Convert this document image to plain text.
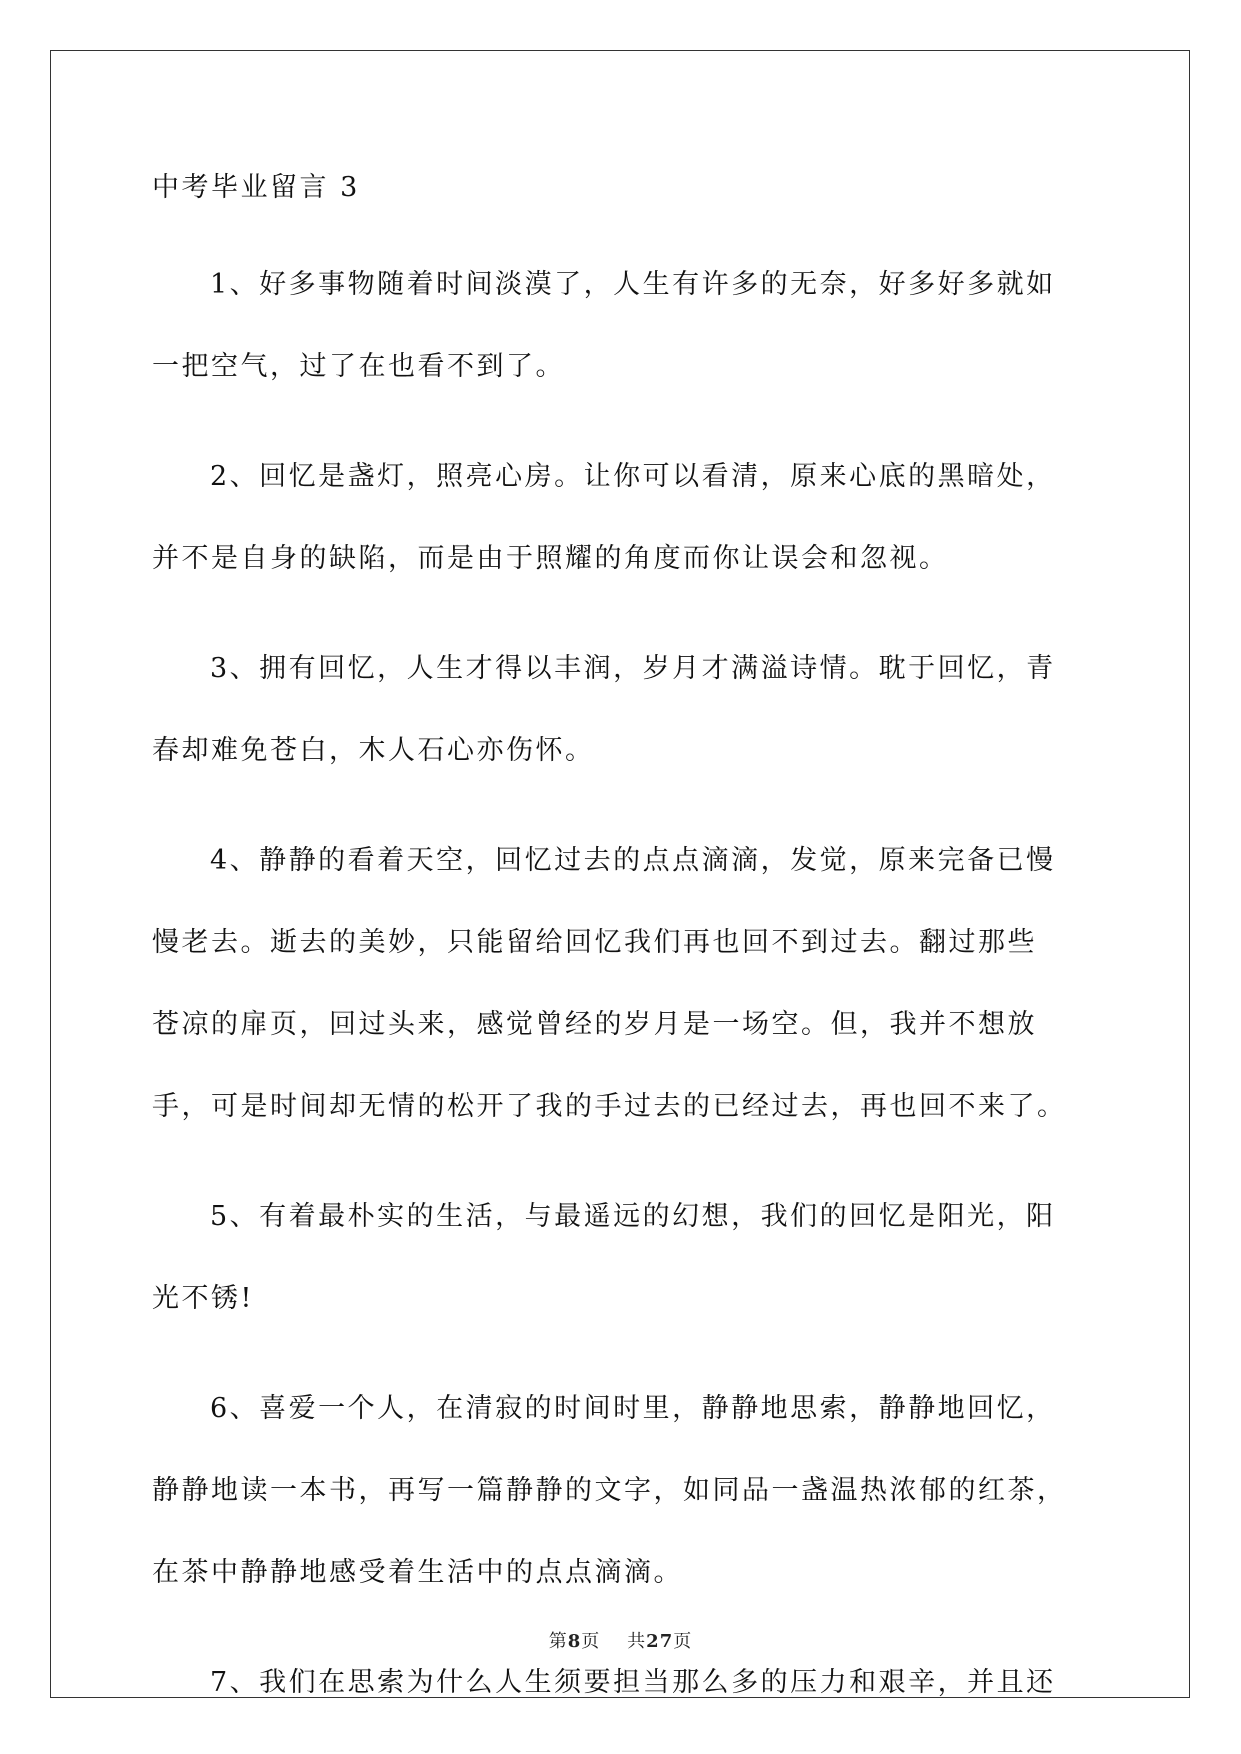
中考毕业留言 3

1、好多事物随着时间淡漠了，人生有许多的无奈，好多好多就如
一把空气，过了在也看不到了。

2、回忆是盏灯，照亮心房。让你可以看清，原来心底的黑暗处，
并不是自身的缺陷，而是由于照耀的角度而你让误会和忽视。

3、拥有回忆，人生才得以丰润，岁月才满溢诗情。耽于回忆，青
春却难免苍白，木人石心亦伤怀。

4、静静的看着天空，回忆过去的点点滴滴，发觉，原来完备已慢
慢老去。逝去的美妙，只能留给回忆我们再也回不到过去。翻过那些
苍凉的扉页，回过头来，感觉曾经的岁月是一场空。但，我并不想放
手，可是时间却无情的松开了我的手过去的已经过去，再也回不来了。

5、有着最朴实的生活，与最遥远的幻想，我们的回忆是阳光，阳
光不锈!

6、喜爱一个人，在清寂的时间时里，静静地思索，静静地回忆，
静静地读一本书，再写一篇静静的文字，如同品一盏温热浓郁的红茶，
在茶中静静地感受着生活中的点点滴滴。

7、我们在思索为什么人生须要担当那么多的压力和艰辛，并且还

第8页 共27页
